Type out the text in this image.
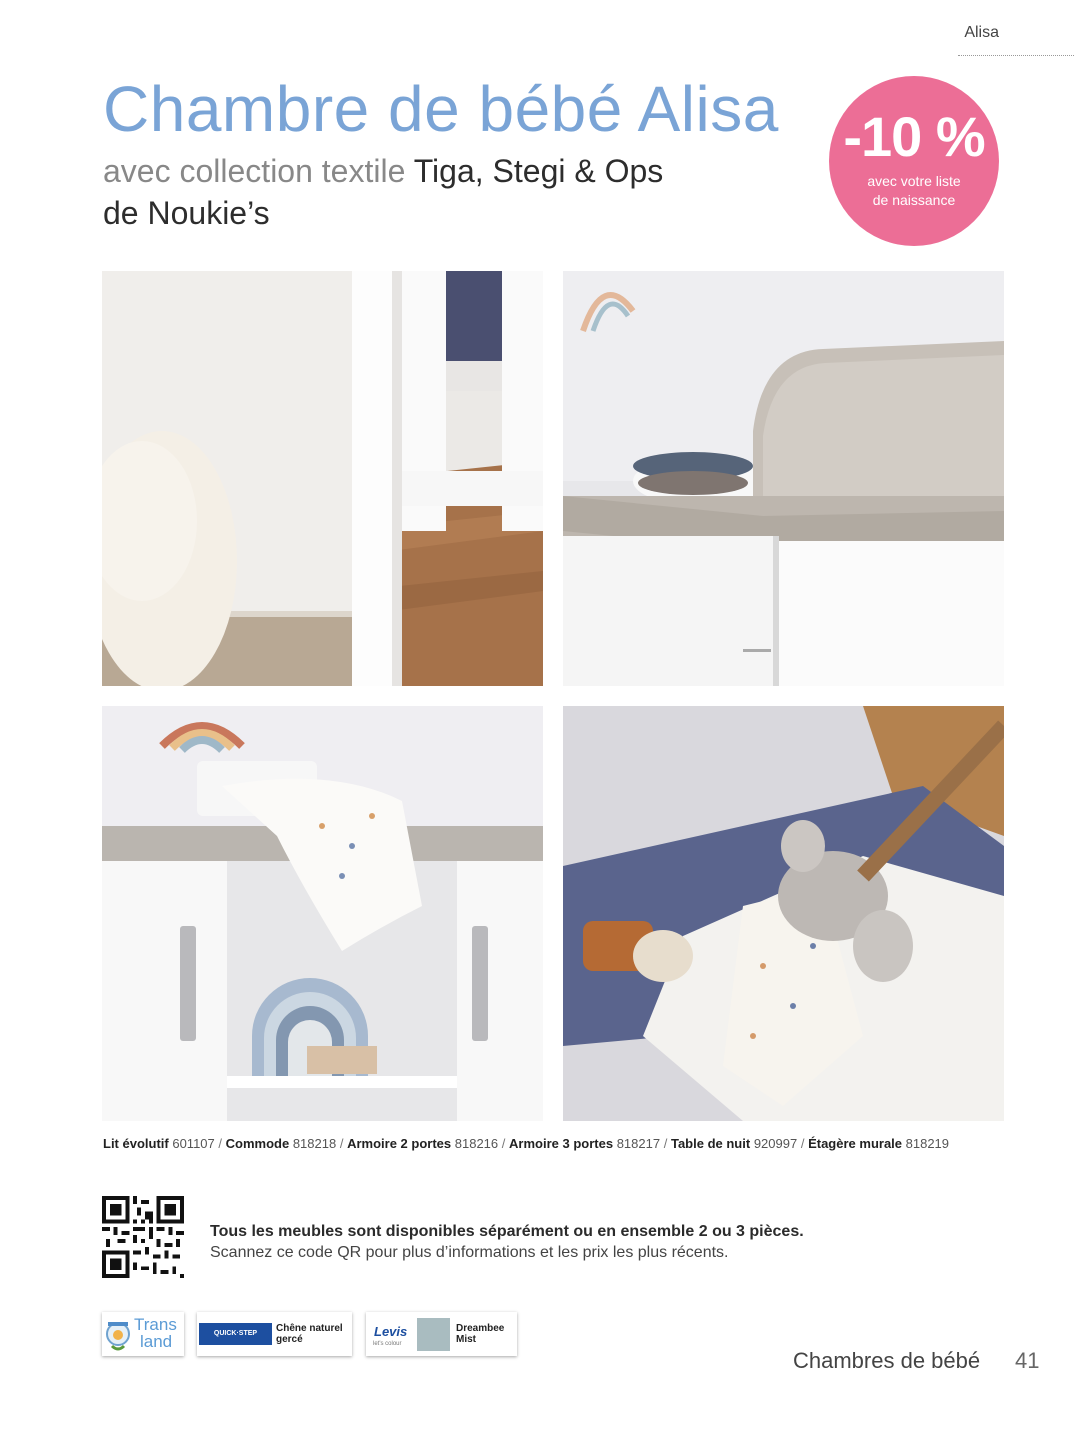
Alisa
Chambre de bébé Alisa
avec collection textile Tiga, Stegi & Ops
de Noukie’s
-10 %
avec votre liste
de naissance
Lit évolutif 601107 / Commode 818218 / Armoire 2 portes 818216 / Armoire 3 portes 818217 / Table de nuit 920997 / Étagère murale 818219
Tous les meubles sont disponibles séparément ou en ensemble 2 ou 3 pièces.
Scannez ce code QR pour plus d’informations et les prix les plus récents.
Trans
land	QUICK·STEP	Chêne naturel
gercé
Levis
let's colour
Dreambee
Mist
Chambres de bébé 41
